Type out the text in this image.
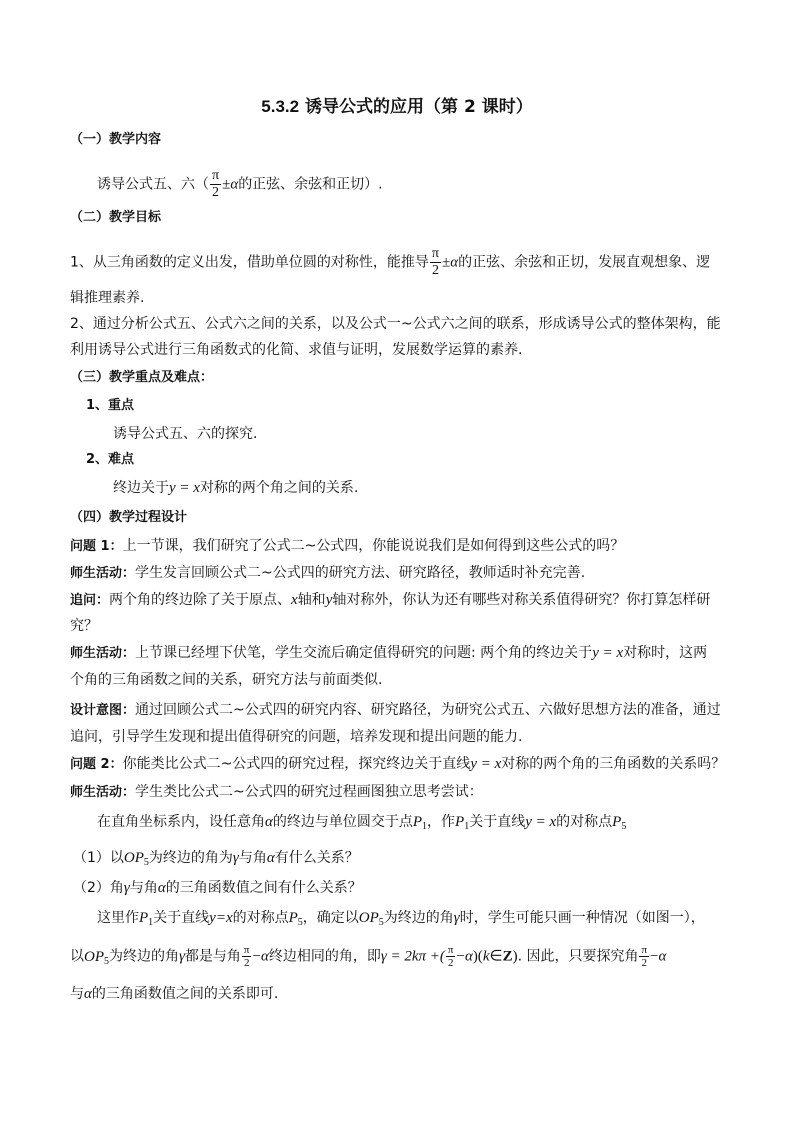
5.3.2 诱导公式的应用（第 2 课时）
（一）教学内容
诱导公式五、六（ $\frac{\pi}{2} \pm\alpha$的正弦、余弦和正切）.
（二）教学目标
1、从三角函数的定义出发，借助单位圆的对称性，能推导 $\frac{\pi}{2} \pm\alpha$的正弦、余弦和正切，发展直观想象、逻
辑推理素养.
2、通过分析公式五、公式六之间的关系，以及公式一~公式六之间的联系，形成诱导公式的整体架构，能
利用诱导公式进行三角函数式的化简、求值与证明，发展数学运算的素养.
（三）教学重点及难点：
1、重点
诱导公式五、六的探究.
2、难点
终边关于y = x对称的两个角之间的关系.
（四）教学过程设计
问题 1：上一节课，我们研究了公式二~公式四，你能说说我们是如何得到这些公式的吗？
师生活动：学生发言回顾公式二~公式四的研究方法、研究路径，教师适时补充完善.
追问：两个角的终边除了关于原点、x轴和y轴对称外，你认为还有哪些对称关系值得研究？你打算怎样研
究？
师生活动：上节课已经埋下伏笔，学生交流后确定值得研究的问题: 两个角的终边关于y = x对称时，这两
个角的三角函数之间的关系，研究方法与前面类似.
设计意图：通过回顾公式二~公式四的研究内容、研究路径，为研究公式五、六做好思想方法的准备，通过
追问，引导学生发现和提出值得研究的问题，培养发现和提出问题的能力.
问题 2：你能类比公式二~公式四的研究过程，探究终边关于直线y = x对称的两个角的三角函数的关系吗？
师生活动：学生类比公式二~公式四的研究过程画图独立思考尝试：
在直角坐标系内，设任意角α的终边与单位圆交于点$P_1$，作$P_1$关于直线y = x的对称点$P_5$
（1）以$OP_5$为终边的角为γ与角α有什么关系？
（2）角γ与角α的三角函数值之间有什么关系？
这里作$P_1$关于直线y=x的对称点$P_5$，确定以$OP_5$为终边的角γ时，学生可能只画一种情况（如图一），
以$OP_5$为终边的角γ都是与角 $\frac{\pi}{2} -\alpha$终边相同的角，即γ = 2kπ +( $\frac{\pi}{2}$ −α)(k∈Z). 因此，只要探究角 $\frac{\pi}{2} -\alpha$
与α的三角函数值之间的关系即可.
